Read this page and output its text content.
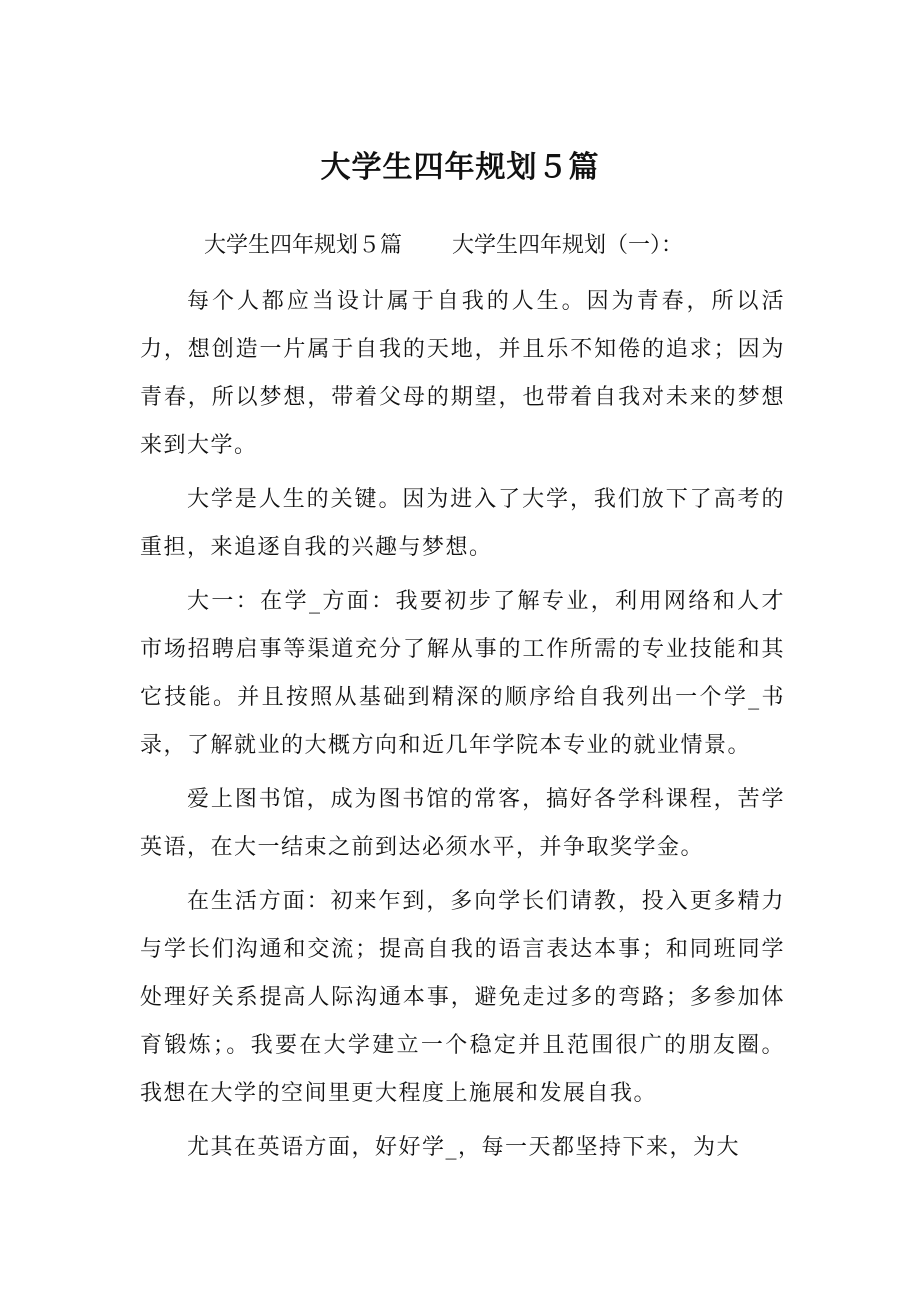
大学生四年规划５篇

大学生四年规划５篇 大学生四年规划（一）：

每个人都应当设计属于自我的人生。因为青春，所以活力，想创造一片属于自我的天地，并且乐不知倦的追求；因为青春，所以梦想，带着父母的期望，也带着自我对未来的梦想来到大学。

大学是人生的关键。因为进入了大学，我们放下了高考的重担，来追逐自我的兴趣与梦想。

大一：在学_方面：我要初步了解专业，利用网络和人才市场招聘启事等渠道充分了解从事的工作所需的专业技能和其它技能。并且按照从基础到精深的顺序给自我列出一个学_书录，了解就业的大概方向和近几年学院本专业的就业情景。

爱上图书馆，成为图书馆的常客，搞好各学科课程，苦学英语，在大一结束之前到达必须水平，并争取奖学金。

在生活方面：初来乍到，多向学长们请教，投入更多精力与学长们沟通和交流；提高自我的语言表达本事；和同班同学处理好关系提高人际沟通本事，避免走过多的弯路；多参加体育锻炼；。我要在大学建立一个稳定并且范围很广的朋友圈。我想在大学的空间里更大程度上施展和发展自我。

尤其在英语方面，好好学_，每一天都坚持下来，为大
